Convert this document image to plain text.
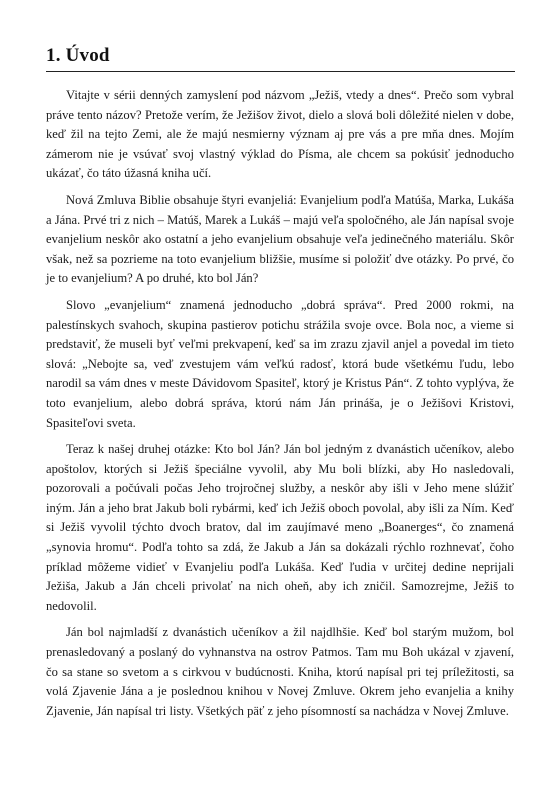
1. Úvod

Vitajte v sérii denných zamyslení pod názvom „Ježiš, vtedy a dnes“. Prečo som vybral práve tento názov? Pretože verím, že Ježišov život, dielo a slová boli dôležité nielen v dobe, keď žil na tejto Zemi, ale že majú nesmierny význam aj pre vás a pre mňa dnes. Mojím zámerom nie je vsúvať svoj vlastný výklad do Písma, ale chcem sa pokúsiť jednoducho ukázať, čo táto úžasná kniha učí.

Nová Zmluva Biblie obsahuje štyri evanjeliá: Evanjelium podľa Matúša, Marka, Lukáša a Jána. Prvé tri z nich – Matúš, Marek a Lukáš – majú veľa spoločného, ale Ján napísal svoje evanjelium neskôr ako ostatní a jeho evanjelium obsahuje veľa jedinečného materiálu. Skôr však, než sa pozrieme na toto evanjelium bližšie, musíme si položiť dve otázky. Po prvé, čo je to evanjelium? A po druhé, kto bol Ján?

Slovo „evanjelium“ znamená jednoducho „dobrá správa“. Pred 2000 rokmi, na palestínskych svahoch, skupina pastierov potichu strážila svoje ovce. Bola noc, a vieme si predstaviť, že museli byť veľmi prekvapení, keď sa im zrazu zjavil anjel a povedal im tieto slová: „Nebojte sa, veď zvestujem vám veľkú radosť, ktorá bude všetkému ľudu, lebo narodil sa vám dnes v meste Dávidovom Spasiteľ, ktorý je Kristus Pán“. Z tohto vyplýva, že toto evanjelium, alebo dobrá správa, ktorú nám Ján prináša, je o Ježišovi Kristovi, Spasiteľovi sveta.

Teraz k našej druhej otázke: Kto bol Ján? Ján bol jedným z dvanástich učeníkov, alebo apoštolov, ktorých si Ježiš špeciálne vyvolil, aby Mu boli blízki, aby Ho nasledovali, pozorovali a počúvali počas Jeho trojročnej služby, a neskôr aby išli v Jeho mene slúžiť iným. Ján a jeho brat Jakub boli rybármi, keď ich Ježiš oboch povolal, aby išli za Ním. Keď si Ježiš vyvolil týchto dvoch bratov, dal im zaujímavé meno „Boanerges“, čo znamená „synovia hromu“. Podľa tohto sa zdá, že Jakub a Ján sa dokázali rýchlo rozhnevať, čoho príklad môžeme vidieť v Evanjeliu podľa Lukáša. Keď ľudia v určitej dedine neprijali Ježiša, Jakub a Ján chceli privolať na nich oheň, aby ich zničil. Samozrejme, Ježiš to nedovolil.

Ján bol najmladší z dvanástich učeníkov a žil najdlhšie. Keď bol starým mužom, bol prenasledovaný a poslaný do vyhnanstva na ostrov Patmos. Tam mu Boh ukázal v zjavení, čo sa stane so svetom a s cirkvou v budúcnosti. Kniha, ktorú napísal pri tej príležitosti, sa volá Zjavenie Jána a je poslednou knihou v Novej Zmluve. Okrem jeho evanjelia a knihy Zjavenie, Ján napísal tri listy. Všetkých päť z jeho písomností sa nachádza v Novej Zmluve.
